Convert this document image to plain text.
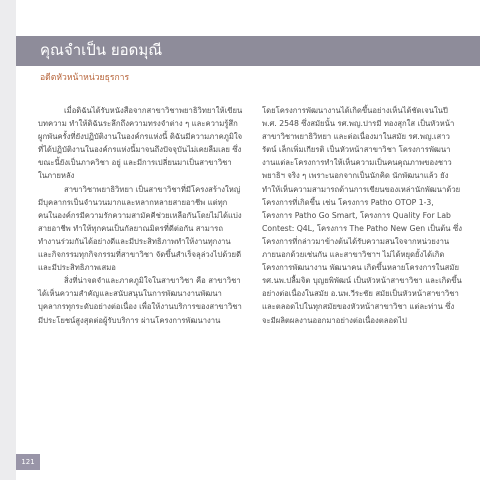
คุณจำเป็น ยอดมุณี
อดีตหัวหน้าหน่วยธุรการ

เมื่อดิฉันได้รับหนังสือจากสาขาวิชาพยาธิวิทยาให้เขียนบทความ ทำให้ดิฉันระลึกถึงความทรงจำต่าง ๆ และความรู้สึกผูกพันครั้งที่ยังปฏิบัติงานในองค์กรแห่งนี้ ดิฉันมีความภาคภูมิใจที่ได้ปฏิบัติงานในองค์กรแห่งนี้มาจนถึงปัจจุบันไม่เคยลืมเลย ซึ่งขณะนี้ยังเป็นภาควิชา อยู่ และมีการเปลี่ยนมาเป็นสาขาวิชา ในภายหลัง

สาขาวิชาพยาธิวิทยา เป็นสาขาวิชาที่มีโครงสร้างใหญ่ มีบุคลากรเป็นจำนวนมากและหลากหลายสายอาชีพ แต่ทุกคนในองค์กรมีความรักความสามัคคีช่วยเหลือกันโดยไม่ได้แบ่งสายอาชีพ ทำให้ทุกคนเป็นกัลยาณมิตรที่ดีต่อกัน สามารถทำงานร่วมกันได้อย่างดีและมีประสิทธิภาพทำให้งานทุกงานและกิจกรรมทุกกิจกรรมที่สาขาวิชา จัดขึ้นสำเร็จลุล่วงไปด้วยดี และมีประสิทธิภาพเสมอ

สิ่งที่น่าจดจำและภาคภูมิใจในสาขาวิชา คือ สาขาวิชา ได้เห็นความสำคัญและสนับสนุนในการพัฒนางานพัฒนาบุคลากรทุกระดับอย่างต่อเนื่อง เพื่อให้งานบริการของสาขาวิชา มีประโยชน์สูงสุดต่อผู้รับบริการ ผ่านโครงการพัฒนางาน

โดยโครงการพัฒนางานได้เกิดขึ้นอย่างเห็นได้ชัดเจนในปี พ.ศ. 2548 ซึ่งสมัยนั้น รศ.พญ.ปารมี ทองสุกใส เป็นหัวหน้าสาขาวิชาพยาธิวิทยา และต่อเนื่องมาในสมัย รศ.พญ.เสาวรัตน์ เล็กเพิ่มเกียรติ เป็นหัวหน้าสาขาวิชา โครงการพัฒนางานแต่ละโครงการทำให้เห็นความเป็นคนคุณภาพของชาวพยาธิฯ จริง ๆ เพราะนอกจากเป็นนักคิด นักพัฒนาแล้ว ยังทำให้เห็นความสามารถด้านการเขียนของเหล่านักพัฒนาด้วย โครงการที่เกิดขึ้น เช่น โครงการ Patho OTOP 1-3, โครงการ Patho Go Smart, โครงการ Quality For Lab Contest: Q4L, โครงการ The Patho New Gen เป็นต้น ซึ่งโครงการที่กล่าวมาข้างต้นได้รับความสนใจจากหน่วยงานภายนอกด้วยเช่นกัน และสาขาวิชาฯ ไม่ได้หยุดยั้งได้เกิดโครงการพัฒนางาน พัฒนาคน เกิดขึ้นหลายโครงการในสมัย รศ.นพ.ปลื้มจิต บุญยพิพัฒน์ เป็นหัวหน้าสาขาวิชา และเกิดขึ้นอย่างต่อเนื่องในสมัย อ.นพ.วีระชัย สมัยเป็นหัวหน้าสาขาวิชาและตลอดไปในทุกสมัยของหัวหน้าสาขาวิชา แต่ละท่าน ซึ่งจะมีผลิตผลงานออกมาอย่างต่อเนื่องตลอดไป

121
